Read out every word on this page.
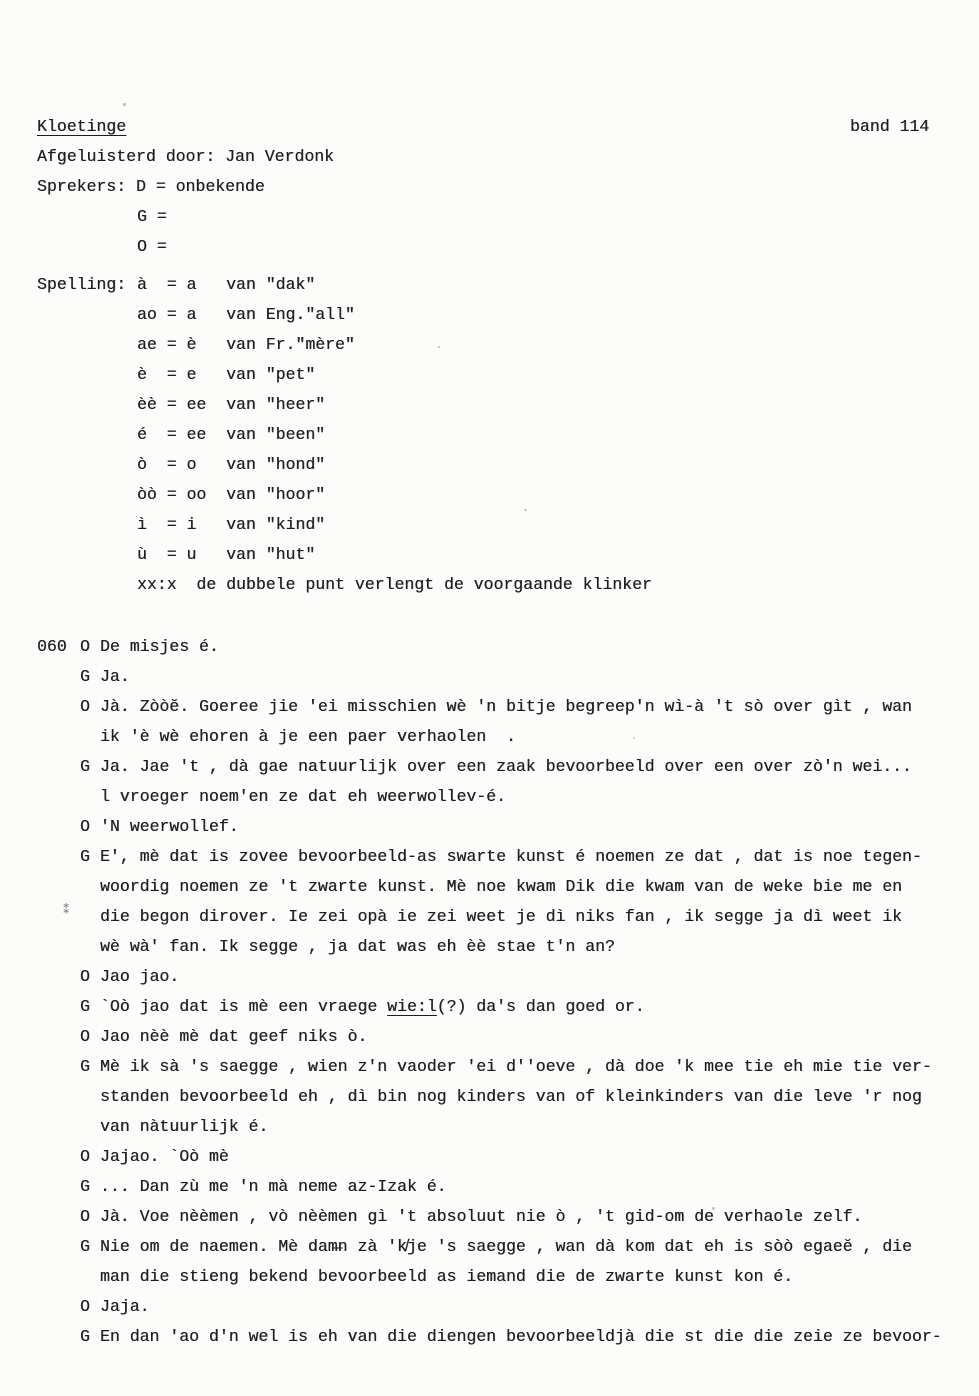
Kloetinge	band 114
Afgeluisterd door: Jan Verdonk
Sprekers: D = onbekende
G =
O =
Spelling: à  = a   van "dak"
ao = a   van Eng."all"
ae = è   van Fr."mère"
è  = e   van "pet"
èè = ee  van "heer"
é  = ee  van "been"
ò  = o   van "hond"
òò = oo  van "hoor"
ì  = i   van "kind"
ù  = u   van "hut"
xx:x  de dubbele punt verlengt de voorgaande klinker
060 O De misjes é.
G Ja.
O Jà. Zòòĕ. Goeree jie 'ei misschien wè 'n bitje begreep'n wì-à 't sò over gìt , wan
ik 'è wè ehoren à je een paer verhaolen  .
G Ja. Jae 't , dà gae natuurlijk over een zaak bevoorbeeld over een over zò'n wei...
l vroeger noem'en ze dat eh weerwollev-é.
O 'N weerwollef.
G E', mè dat is zovee bevoorbeeld-as swarte kunst é noemen ze dat , dat is noe tegen-
woordig noemen ze 't zwarte kunst. Mè noe kwam Dik die kwam van de weke bie me en
die begon dirover. Ie zei opà ie zei weet je dì niks fan , ik segge ja dì weet ik
wè wà' fan. Ik segge , ja dat was eh èè stae t'n an?
O Jao jao.
G `Oò jao dat is mè een vraege wie:l(?) da's dan goed or.
O Jao nèè mè dat geef niks ò.
G Mè ik sà 's saegge , wien z'n vaoder 'ei d''oeve , dà doe 'k mee tie eh mie tie ver-
standen bevoorbeeld eh , dì bin nog kinders van of kleinkinders van die leve 'r nog
van nàtuurlijk é.
O Jajao. `Oò mè
G ... Dan zù me 'n mà neme az-Izak é.
O Jà. Voe nèèmen , vò nèèmen gì 't absoluut nie ò , 't gid-om de verhaole zelf.
G Nie om de naemen. Mè dam̶n zà 'k̸je 's saegge , wan dà kom dat eh is sòò egaeĕ , die
man die stieng bekend bevoorbeeld as iemand die de zwarte kunst kon é.
O Jaja.
G En dan 'ao d'n wel is eh van die diengen bevoorbeeldjà die st die die zeie ze bevoor-
⁑
